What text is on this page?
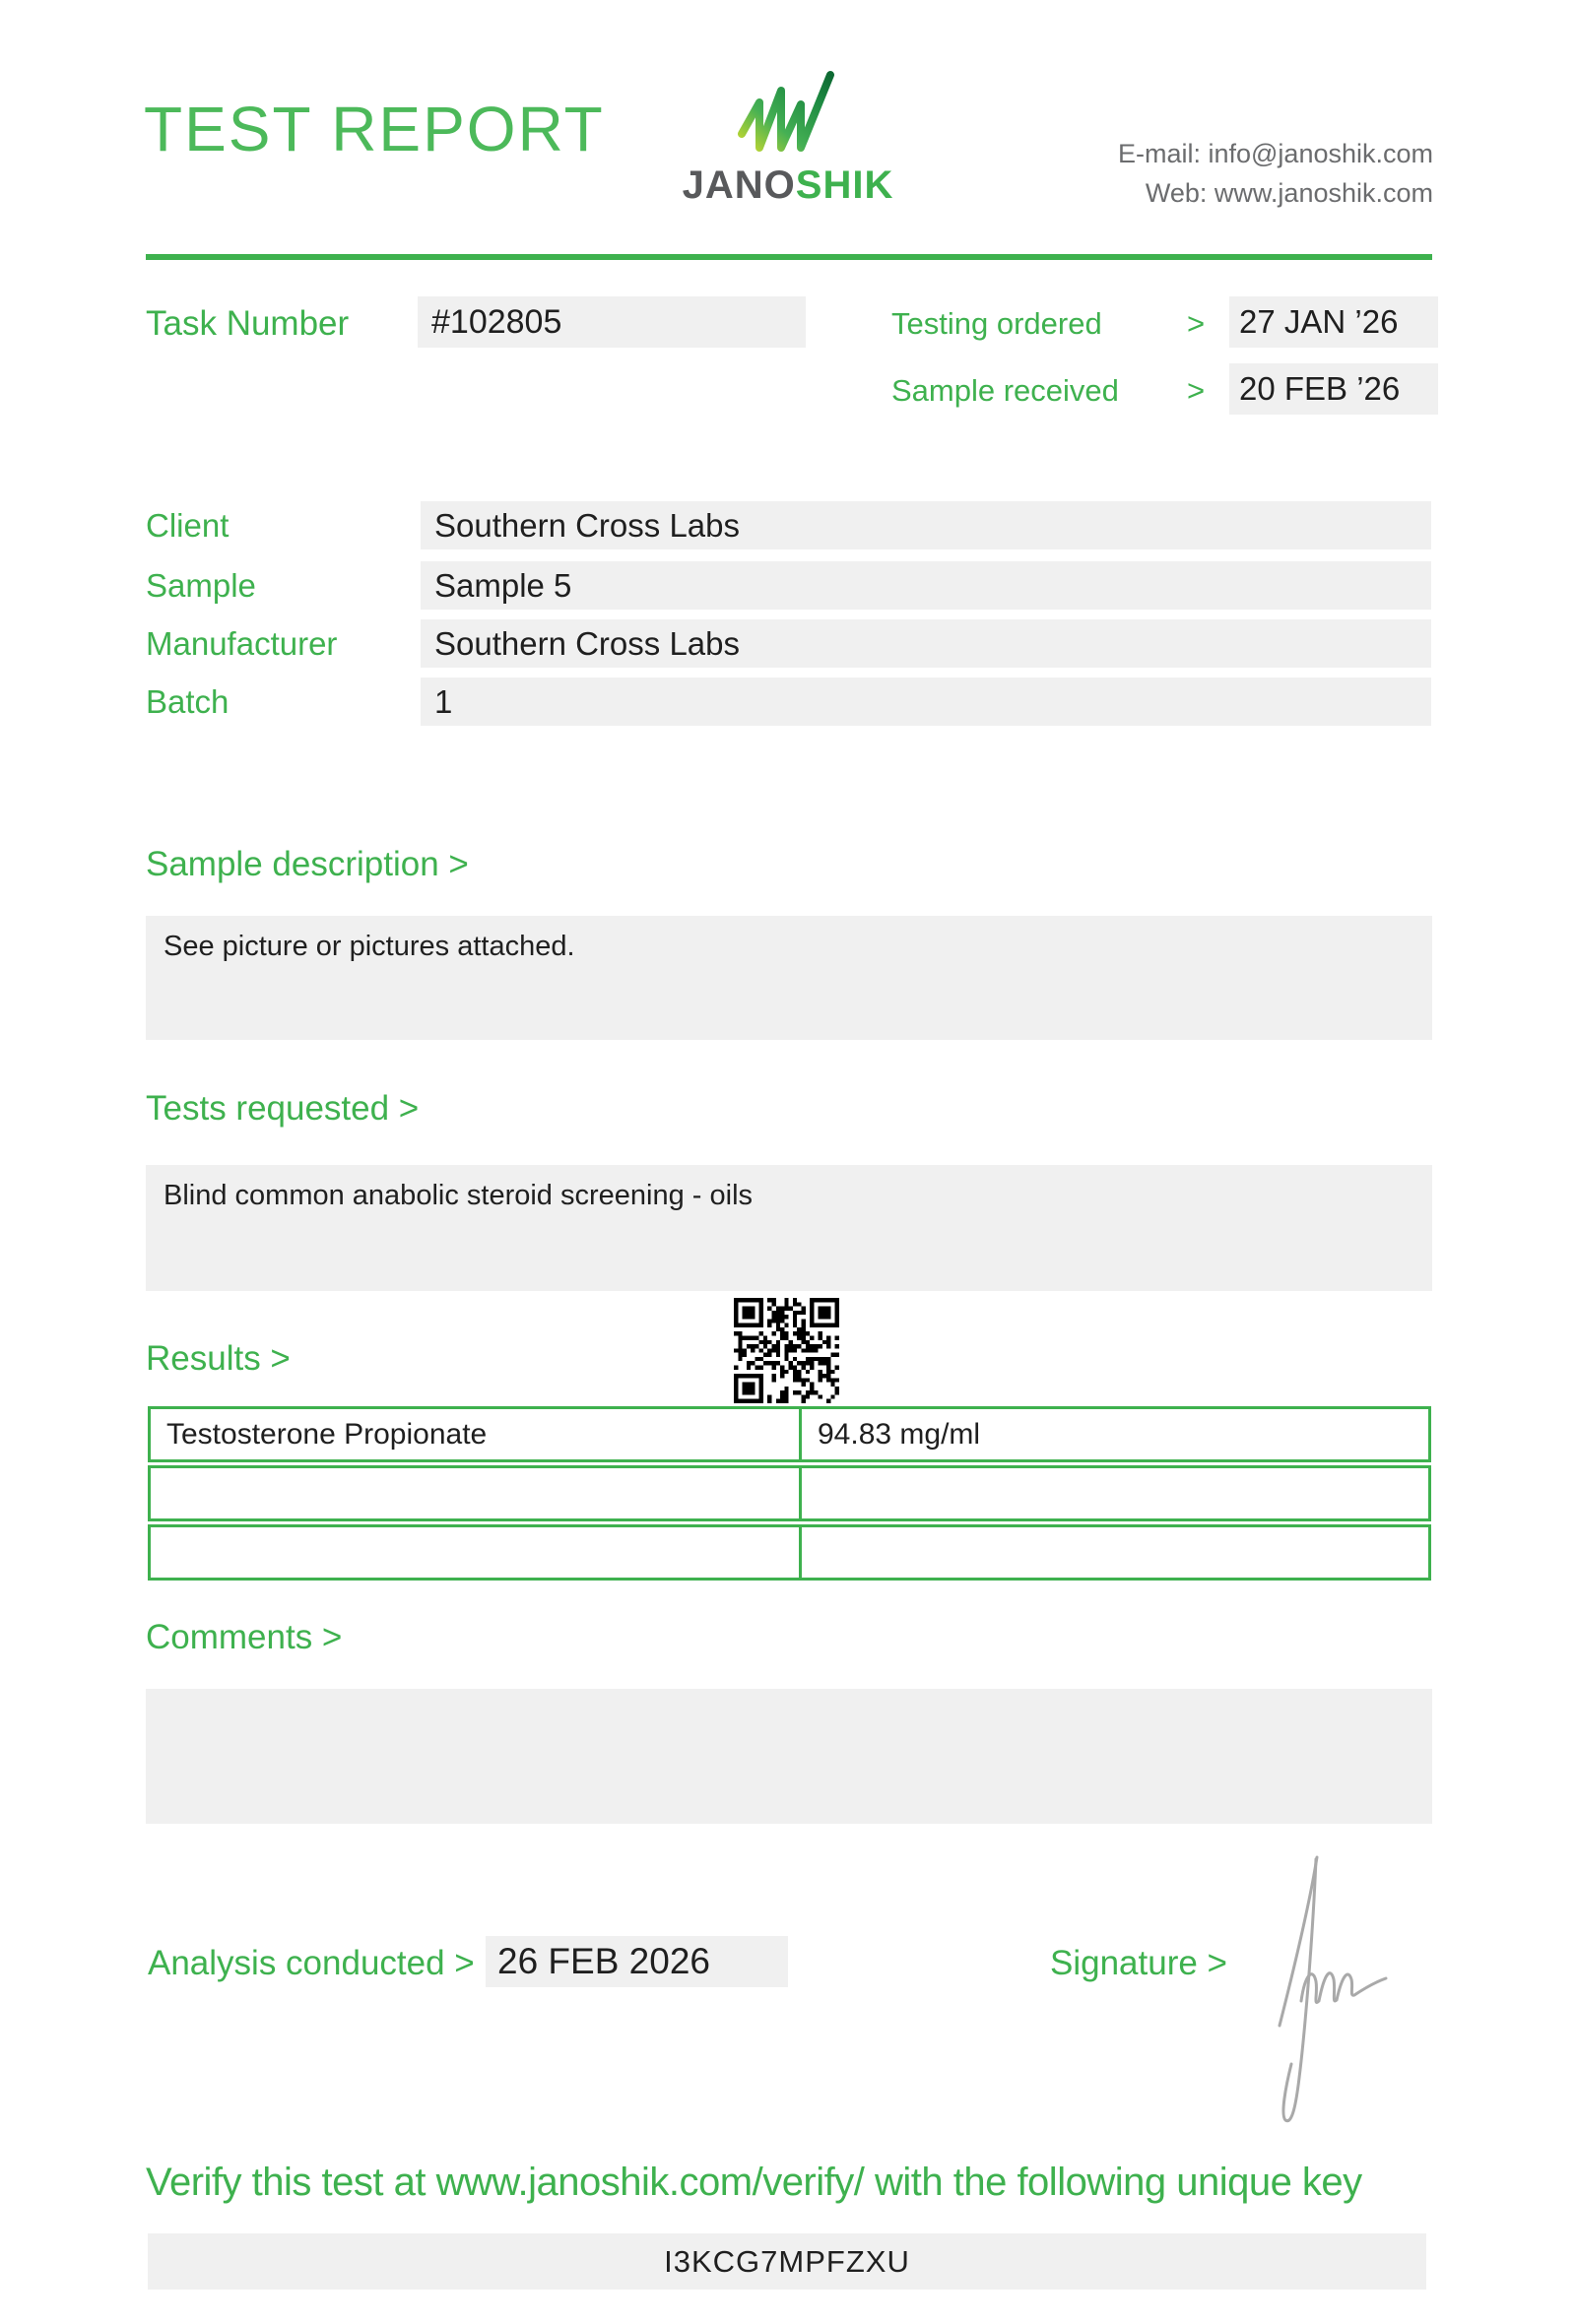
TEST REPORT
JANOSHIK
E-mail: info@janoshik.com
Web: www.janoshik.com
Task Number	#102805	Testing ordered	>	27 JAN ’26
Sample received >	20 FEB ’26
Client	Southern Cross Labs
Sample	Sample 5
Manufacturer	Southern Cross Labs
Batch	1
Sample description >
See picture or pictures attached.
Tests requested >
Blind common anabolic steroid screening - oils
Results >
Testosterone Propionate	94.83 mg/ml
Comments >
Analysis conducted > 26 FEB 2026	Signature >
Verify this test at www.janoshik.com/verify/ with the following unique key
I3KCG7MPFZXU
